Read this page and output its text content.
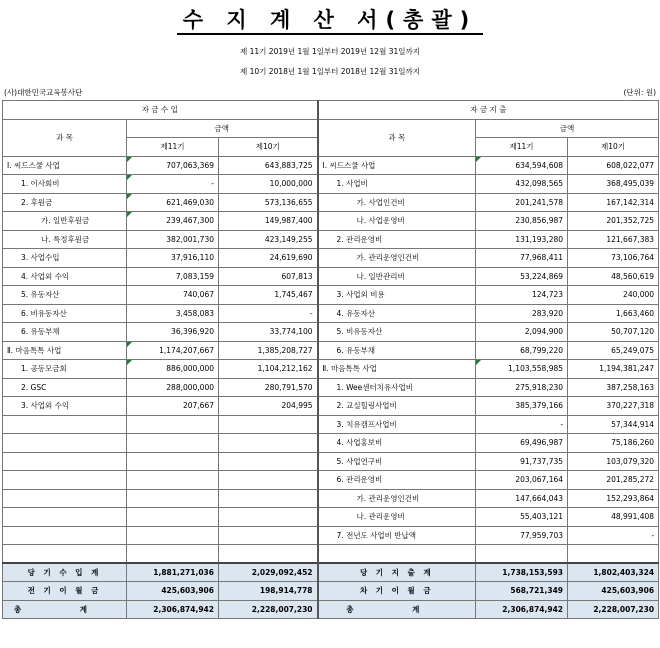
수 지 계 산 서(총괄)
제 11기 2019년 1월 1일부터 2019년 12월 31일까지
제 10기 2018년 1월 1일부터 2018년 12월 31일까지
(사)대한민국교육봉사단	(단위: 원)
자 금 수 입			자 금 지 출		
과 목	금액		과 목	금액	
	제11기	제10기		제11기	제10기
Ⅰ. 씨드스쿨 사업	707,063,369	643,883,725	Ⅰ. 씨드스쿨 사업	634,594,608	608,022,077
1. 이사회비	-	10,000,000	1. 사업비	432,098,565	368,495,039
2. 후원금	621,469,030	573,136,655	가. 사업인건비	201,241,578	167,142,314
가. 일반후원금	239,467,300	149,987,400	나. 사업운영비	230,856,987	201,352,725
나. 특정후원금	382,001,730	423,149,255	2. 관리운영비	131,193,280	121,667,383
3. 사업수입	37,916,110	24,619,690	가. 관리운영인건비	77,968,411	73,106,764
4. 사업외 수익	7,083,159	607,813	나. 일반관리비	53,224,869	48,560,619
5. 유동자산	740,067	1,745,467	3. 사업외 비용	124,723	240,000
6. 비유동자산	3,458,083	-	4. 유동자산	283,920	1,663,460
6. 유동부채	36,396,920	33,774,100	5. 비유동자산	2,094,900	50,707,120
Ⅱ. 마음톡톡 사업	1,174,207,667	1,385,208,727	6. 유동부채	68,799,220	65,249,075
1. 공동모금회	886,000,000	1,104,212,162	Ⅱ. 마음톡톡 사업	1,103,558,985	1,194,381,247
2. GSC	288,000,000	280,791,570	1. Wee센터치유사업비	275,918,230	387,258,163
3. 사업외 수익	207,667	204,995	2. 교실힐링사업비	385,379,166	370,227,318
			3. 치유캠프사업비	-	57,344,914
			4. 사업홍보비	69,496,987	75,186,260
			5. 사업연구비	91,737,735	103,079,320
			6. 관리운영비	203,067,164	201,285,272
			가. 관리운영인건비	147,664,043	152,293,864
			나. 관리운영비	55,403,121	48,991,408
			7. 전년도 사업비 반납액	77,959,703	-

당 기 수 입 계	1,881,271,036	2,029,092,452	당 기 지 출 계	1,738,153,593	1,802,403,324
전 기 이 월 금	425,603,906	198,914,778	차 기 이 월 금	568,721,349	425,603,906
총 계	2,306,874,942	2,228,007,230	총 계	2,306,874,942	2,228,007,230
